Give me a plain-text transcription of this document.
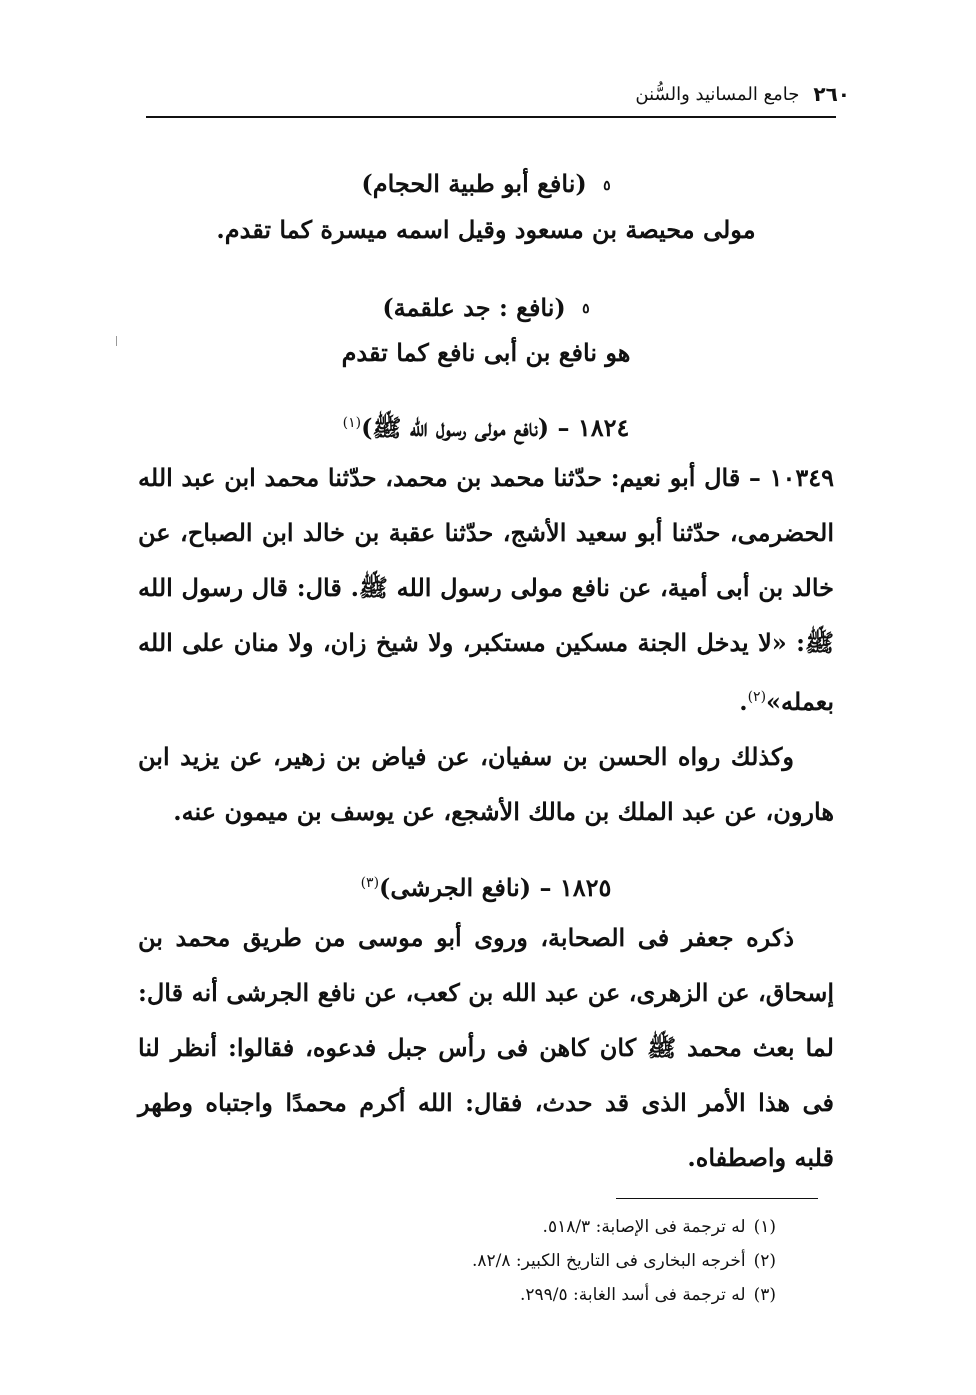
٢٦٠
جامع المسانيد والسُّنن
٥ (نافع أبو طبية الحجام)
مولى محيصة بن مسعود وقيل اسمه ميسرة كما تقدم.
٥ (نافع : جد علقمة)
هو نافع بن أبى نافع كما تقدم
١٨٢٤ – (نافع مولى رسول الله ﷺ)$^{(١)}$

١٠٣٤٩ – قال أبو نعيم: حدّثنا محمد بن محمد، حدّثنا محمد ابن عبد الله الحضرمى، حدّثنا أبو سعيد الأشج، حدّثنا عقبة بن خالد ابن الصباح، عن خالد بن أبى أمية، عن نافع مولى رسول الله ﷺ. قال: قال رسول الله ﷺ: «لا يدخل الجنة مسكين مستكبر، ولا شيخ زان، ولا منان على الله بعمله»$^{(٢)}$.

وكذلك رواه الحسن بن سفيان، عن فياض بن زهير، عن يزيد ابن هارون، عن عبد الملك بن مالك الأشجع، عن يوسف بن ميمون عنه.

١٨٢٥ – (نافع الجرشى)$^{(٣)}$

ذكره جعفر فى الصحابة، وروى أبو موسى من طريق محمد بن إسحاق، عن الزهرى، عن عبد الله بن كعب، عن نافع الجرشى أنه قال: لما بعث محمد ﷺ كان كاهن فى رأس جبل فدعوه، فقالوا: أنظر لنا فى هذا الأمر الذى قد حدث، فقال: الله أكرم محمدًا واجتباه وطهر قلبه واصطفاه.

(١)له ترجمة فى الإصابة: ٥١٨/٣.
(٢)أخرجه البخارى فى التاريخ الكبير: ٨٢/٨.
(٣)له ترجمة فى أسد الغابة: ٢٩٩/٥.
